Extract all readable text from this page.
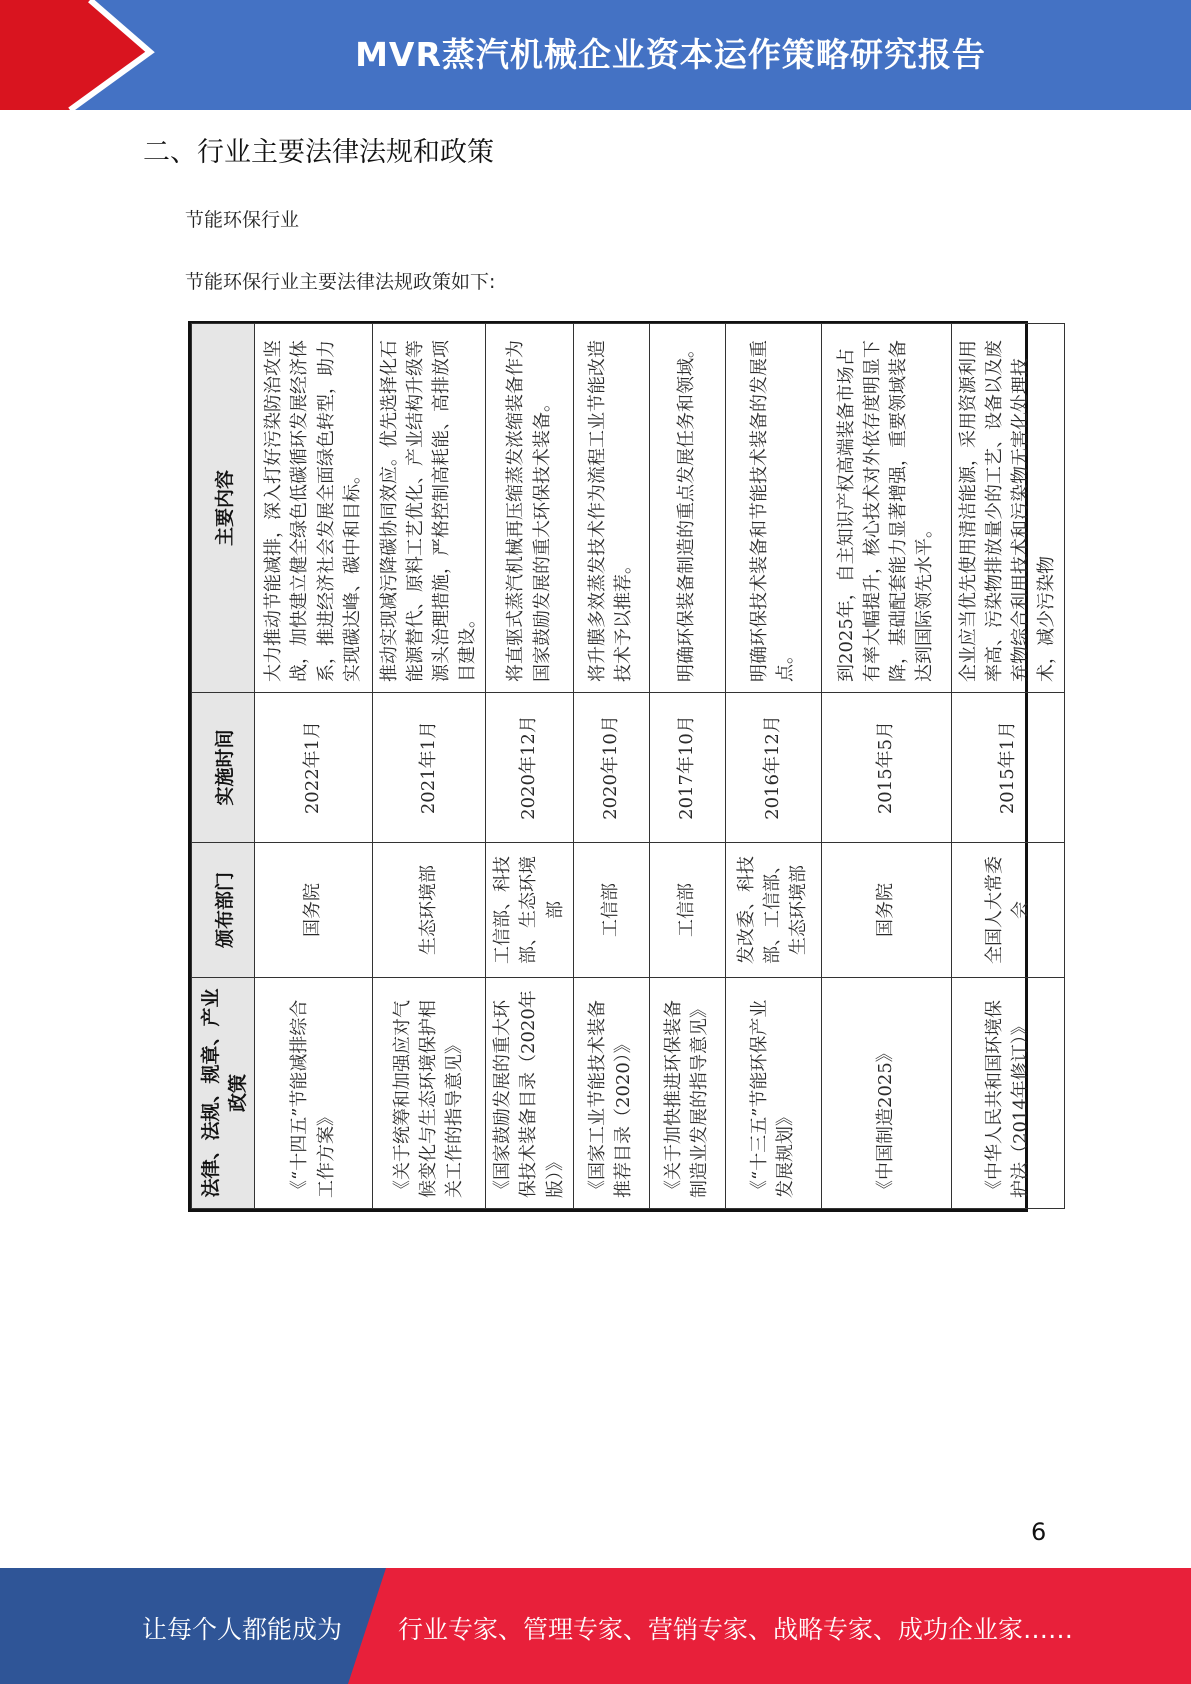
MVR蒸汽机械企业资本运作策略研究报告
二、行业主要法律法规和政策
节能环保行业
节能环保行业主要法律法规政策如下:
法律、法规、规章、产业政策	颁布部门	实施时间	主要内容
《“十四五”节能减排综合工作方案》	国务院	2022年1月	大力推动节能减排，深入打好污染防治攻坚战，加快建立健全绿色低碳循环发展经济体系，推进经济社会发展全面绿色转型，助力实现碳达峰、碳中和目标。
《关于统筹和加强应对气候变化与生态环境保护相关工作的指导意见》	生态环境部	2021年1月	推动实现减污降碳协同效应。优先选择化石能源替代、原料工艺优化、产业结构升级等源头治理措施，严格控制高耗能、高排放项目建设。
《国家鼓励发展的重大环保技术装备目录（2020年版）》	工信部、科技部、生态环境部	2020年12月	将直驱式蒸汽机械再压缩蒸发浓缩装备作为国家鼓励发展的重大环保技术装备。
《国家工业节能技术装备推荐目录（2020）》	工信部	2020年10月	将升膜多效蒸发技术作为流程工业节能改造技术予以推荐。
《关于加快推进环保装备制造业发展的指导意见》	工信部	2017年10月	明确环保装备制造的重点发展任务和领域。
《“十三五”节能环保产业发展规划》	发改委、科技部、工信部、生态环境部	2016年12月	明确环保技术装备和节能技术装备的发展重点。
《中国制造2025》	国务院	2015年5月	到2025年，自主知识产权高端装备市场占有率大幅提升，核心技术对外依存度明显下降，基础配套能力显著增强，重要领域装备达到国际领先水平。
《中华人民共和国环境保护法（2014年修订）》	全国人大常委会	2015年1月	企业应当优先使用清洁能源，采用资源利用率高、污染物排放量少的工艺、设备以及废弃物综合利用技术和污染物无害化处理技术，减少污染物
6
让每个人都能成为 行业专家、管理专家、营销专家、战略专家、成功企业家……
